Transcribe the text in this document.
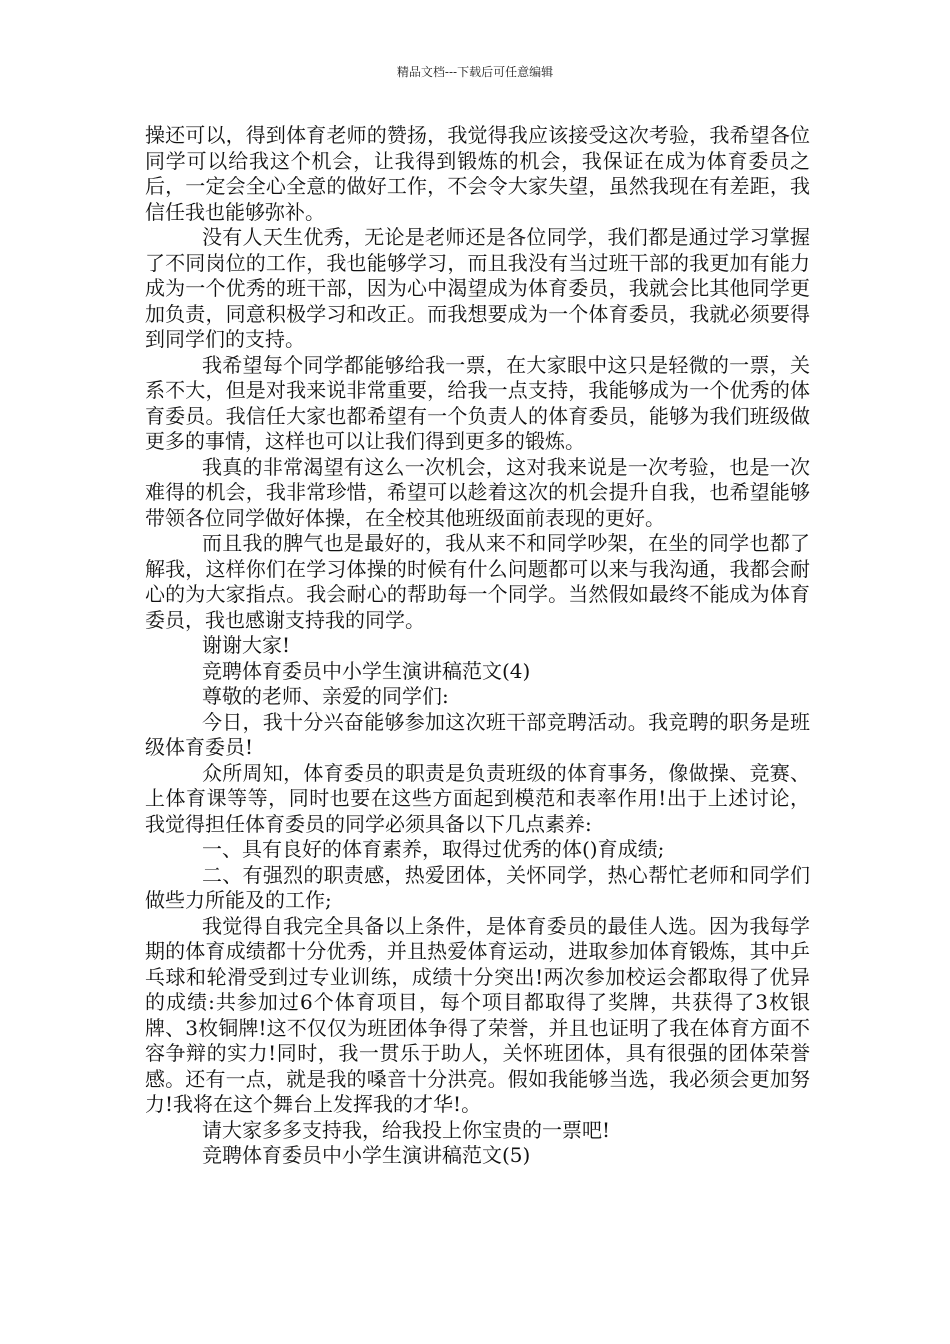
精品文档---下载后可任意编辑

操还可以，得到体育老师的赞扬，我觉得我应该接受这次考验，我希望各位同学可以给我这个机会，让我得到锻炼的机会，我保证在成为体育委员之后，一定会全心全意的做好工作，不会令大家失望，虽然我现在有差距，我信任我也能够弥补。

没有人天生优秀，无论是老师还是各位同学，我们都是通过学习掌握了不同岗位的工作，我也能够学习，而且我没有当过班干部的我更加有能力成为一个优秀的班干部，因为心中渴望成为体育委员，我就会比其他同学更加负责，同意积极学习和改正。而我想要成为一个体育委员，我就必须要得到同学们的支持。

我希望每个同学都能够给我一票，在大家眼中这只是轻微的一票，关系不大，但是对我来说非常重要，给我一点支持，我能够成为一个优秀的体育委员。我信任大家也都希望有一个负责人的体育委员，能够为我们班级做更多的事情，这样也可以让我们得到更多的锻炼。

我真的非常渴望有这么一次机会，这对我来说是一次考验，也是一次难得的机会，我非常珍惜，希望可以趁着这次的机会提升自我，也希望能够带领各位同学做好体操，在全校其他班级面前表现的更好。

而且我的脾气也是最好的，我从来不和同学吵架，在坐的同学也都了解我，这样你们在学习体操的时候有什么问题都可以来与我沟通，我都会耐心的为大家指点。我会耐心的帮助每一个同学。当然假如最终不能成为体育委员，我也感谢支持我的同学。

谢谢大家!

竞聘体育委员中小学生演讲稿范文(4)

尊敬的老师、亲爱的同学们:

今日，我十分兴奋能够参加这次班干部竞聘活动。我竞聘的职务是班级体育委员!

众所周知，体育委员的职责是负责班级的体育事务，像做操、竞赛、上体育课等等，同时也要在这些方面起到模范和表率作用!出于上述讨论，我觉得担任体育委员的同学必须具备以下几点素养:

一、具有良好的体育素养，取得过优秀的体()育成绩;

二、有强烈的职责感，热爱团体，关怀同学，热心帮忙老师和同学们做些力所能及的工作;

我觉得自我完全具备以上条件，是体育委员的最佳人选。因为我每学期的体育成绩都十分优秀，并且热爱体育运动，进取参加体育锻炼，其中乒乓球和轮滑受到过专业训练，成绩十分突出!两次参加校运会都取得了优异的成绩:共参加过6个体育项目，每个项目都取得了奖牌，共获得了3枚银牌、3枚铜牌!这不仅仅为班团体争得了荣誉，并且也证明了我在体育方面不容争辩的实力!同时，我一贯乐于助人，关怀班团体，具有很强的团体荣誉感。还有一点，就是我的嗓音十分洪亮。假如我能够当选，我必须会更加努力!我将在这个舞台上发挥我的才华!。

请大家多多支持我，给我投上你宝贵的一票吧!

竞聘体育委员中小学生演讲稿范文(5)
